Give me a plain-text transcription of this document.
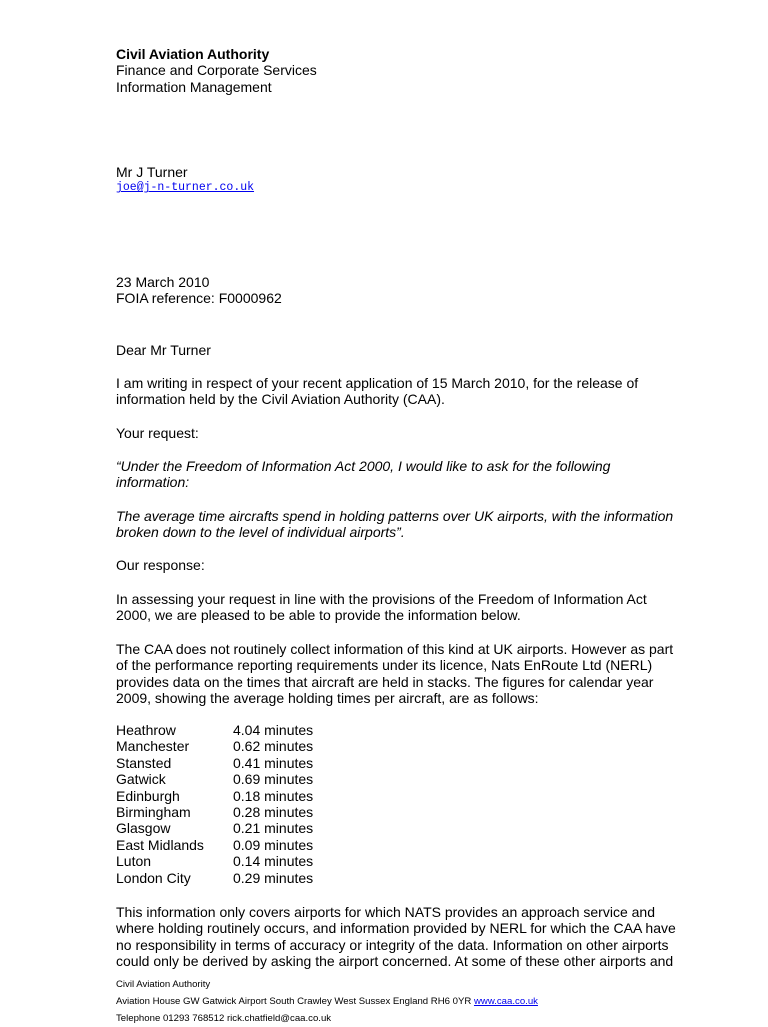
Civil Aviation Authority
Finance and Corporate Services
Information Management
Mr J Turner
joe@j-n-turner.co.uk
23 March 2010
FOIA reference: F0000962
Dear Mr Turner
I am writing in respect of your recent application of 15 March 2010, for the release of
information held by the Civil Aviation Authority (CAA).
Your request:
“Under the Freedom of Information Act 2000, I would like to ask for the following
information:
The average time aircrafts spend in holding patterns over UK airports, with the information
broken down to the level of individual airports”.
Our response:
In assessing your request in line with the provisions of the Freedom of Information Act
2000, we are pleased to be able to provide the information below.
The CAA does not routinely collect information of this kind at UK airports. However as part
of the performance reporting requirements under its licence, Nats EnRoute Ltd (NERL)
provides data on the times that aircraft are held in stacks. The figures for calendar year
2009, showing the average holding times per aircraft, are as follows:
Heathrow	4.04 minutes
Manchester	0.62 minutes
Stansted	0.41 minutes
Gatwick	0.69 minutes
Edinburgh	0.18 minutes
Birmingham	0.28 minutes
Glasgow	0.21 minutes
East Midlands 0.09 minutes
Luton	0.14 minutes
London City	0.29 minutes
This information only covers airports for which NATS provides an approach service and
where holding routinely occurs, and information provided by NERL for which the CAA have
no responsibility in terms of accuracy or integrity of the data. Information on other airports
could only be derived by asking the airport concerned. At some of these other airports and
Civil Aviation Authority
Aviation House GW Gatwick Airport South Crawley West Sussex England RH6 0YR www.caa.co.uk
Telephone 01293 768512 rick.chatfield@caa.co.uk
